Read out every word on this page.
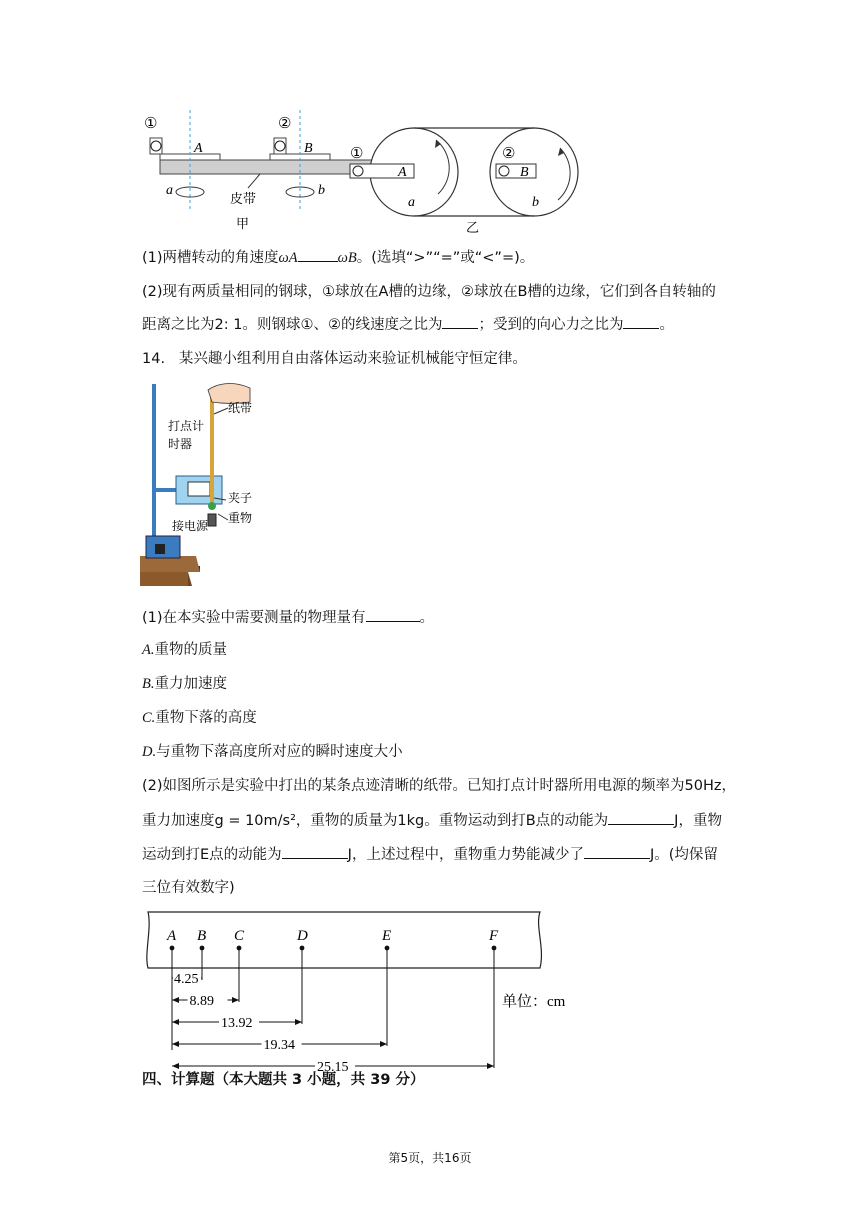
①	②
A	B
a	b
皮带
甲
①	②
A	B
a	b
乙
(1)两槽转动的角速度ωA	ωB。(选填“>”“=”或“<”=)。
(2)现有两质量相同的钢球，①球放在A槽的边缘，②球放在B槽的边缘，它们到各自转轴的
距离之比为2: 1。则钢球①、②的线速度之比为 ；受到的向心力之比为 。
14. 某兴趣小组利用自由落体运动来验证机械能守恒定律。
纸带
打点计
时器
夹子
重物
接电源
(1)在本实验中需要测量的物理量有	。
A.重物的质量
B.重力加速度
C.重物下落的高度
D.与重物下落高度所对应的瞬时速度大小
(2)如图所示是实验中打出的某条点迹清晰的纸带。已知打点计时器所用电源的频率为50Hz，
重力加速度g = 10m/s²，重物的质量为1kg。重物运动到打B点的动能为	J，重物
运动到打E点的动能为	J，上述过程中，重物重力势能减少了	J。(均保留
三位有效数字)
A B C	D	E	F
4.25
8.89
13.92
19.34
25.15
单位：cm
四、计算题（本大题共 3 小题，共 39 分）
第5页，共16页
